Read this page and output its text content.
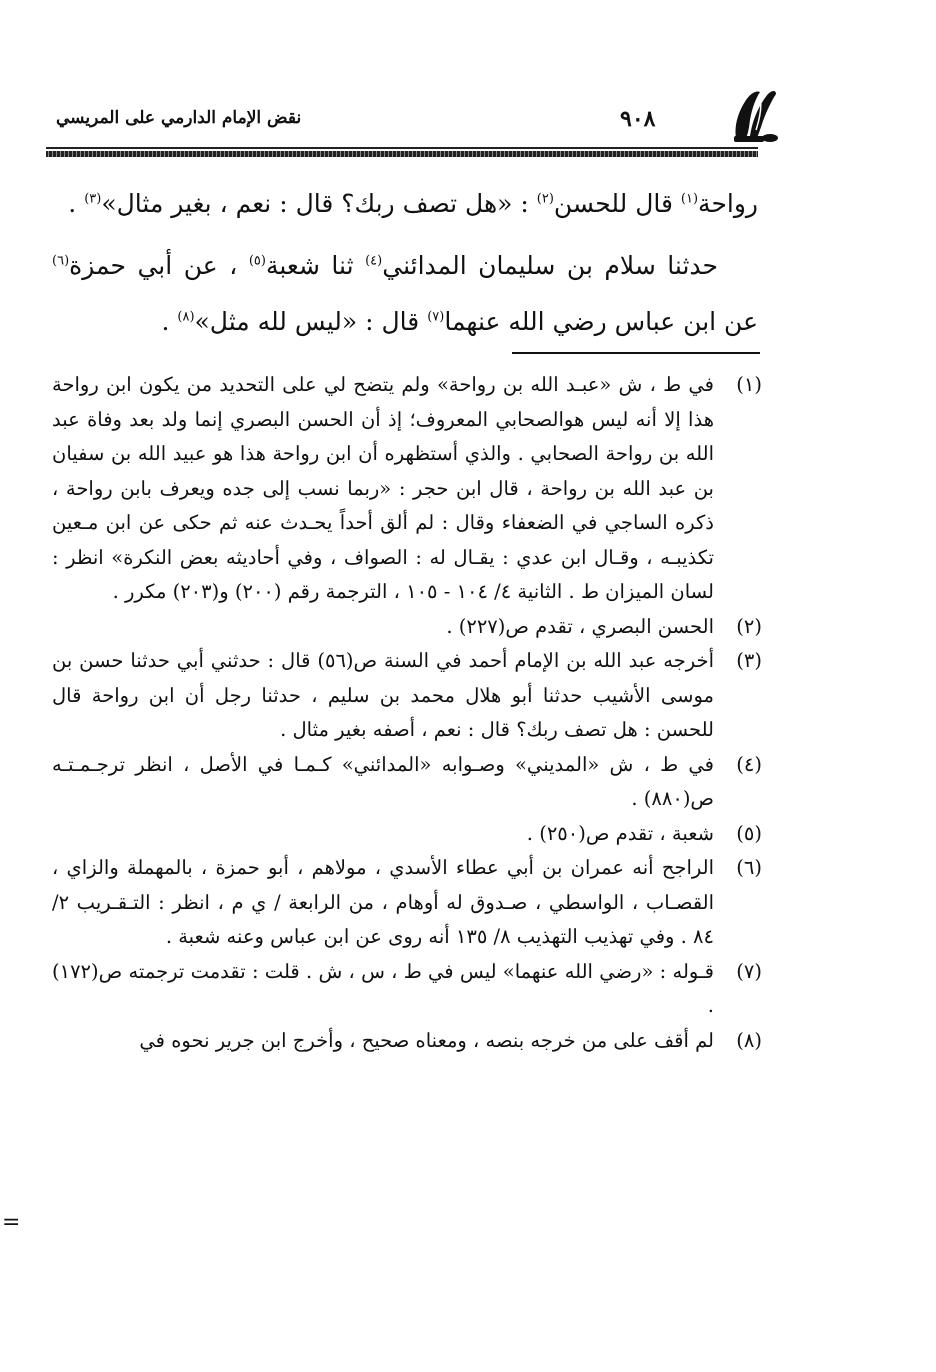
نقض الإمام الدارمي على المريسي	٩٠٨

رواحة$^{(١)}$ قال للحسن$^{(٢)}$ : «هل تصف ربك؟ قال : نعم ، بغير مثال»$^{(٣)}$ .

حدثنا سلام بن سليمان المدائني$^{(٤)}$ ثنا شعبة$^{(٥)}$ ، عن أبي حمزة$^{(٦)}$ عن ابن عباس رضي الله عنهما$^{(٧)}$ قال : «ليس لله مثل»$^{(٨)}$ .

(١)
في ط ، ش «عبـد الله بن رواحة» ولم يتضح لي على التحديد من يكون ابن رواحة هذا إلا أنه ليس هوالصحابي المعروف؛ إذ أن الحسن البصري إنما ولد بعد وفاة عبد الله بن رواحة الصحابي . والذي أستظهره أن ابن رواحة هذا هو عبيد الله بن سفيان بن عبد الله بن رواحة ، قال ابن حجر : «ربما نسب إلى جده ويعرف بابن رواحة ، ذكره الساجي في الضعفاء وقال : لم ألق أحداً يحـدث عنه ثم حكى عن ابن مـعين تكذيبـه ، وقـال ابن عدي : يقـال له : الصواف ، وفي أحاديثه بعض النكرة» انظر : لسان الميزان ط . الثانية ٤/ ١٠٤ - ١٠٥ ، الترجمة رقم (٢٠٠) و(٢٠٣) مكرر .
(٢)
الحسن البصري ، تقدم ص(٢٢٧) .
(٣)
أخرجه عبد الله بن الإمام أحمد في السنة ص(٥٦) قال : حدثني أبي حدثنا حسن بن موسى الأشيب حدثنا أبو هلال محمد بن سليم ، حدثنا رجل أن ابن رواحة قال للحسن : هل تصف ربك؟ قال : نعم ، أصفه بغير مثال .
(٤)
في ط ، ش «المديني» وصـوابه «المدائني» كـمـا في الأصل ، انظر ترجـمـتـه ص(٨٨٠) .
(٥)
شعبة ، تقدم ص(٢٥٠) .
(٦)
الراجح أنه عمران بن أبي عطاء الأسدي ، مولاهم ، أبو حمزة ، بالمهملة والزاي ، القصـاب ، الواسطي ، صـدوق له أوهام ، من الرابعة / ي م ، انظر : التـقـريب ٢/ ٨٤ . وفي تهذيب التهذيب ٨/ ١٣٥ أنه روى عن ابن عباس وعنه شعبة .
(٧)
قـوله : «رضي الله عنهما» ليس في ط ، س ، ش . قلت : تقدمت ترجمته ص(١٧٢) .
(٨)
لم أقف على من خرجه بنصه ، ومعناه صحيح ، وأخرج ابن جرير نحوه في
=
